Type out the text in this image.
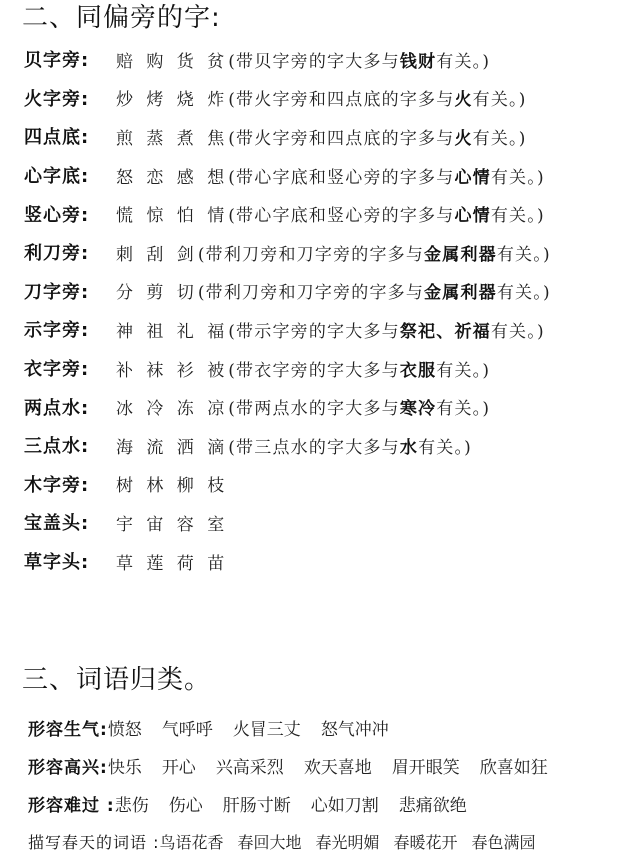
二、同偏旁的字:
贝字旁:	赔 购 货 贫 (带贝字旁的字大多与钱财有关。)
火字旁:	炒 烤 烧 炸 (带火字旁和四点底的字多与火有关。)
四点底:	煎 蒸 煮 焦 (带火字旁和四点底的字多与火有关。)
心字底:	怒 恋 感 想 (带心字底和竖心旁的字多与心情有关。)
竖心旁:	慌 惊 怕 情 (带心字底和竖心旁的字多与心情有关。)
利刀旁:	刺 刮 剑 (带利刀旁和刀字旁的字多与金属利器有关。)
刀字旁:	分 剪 切 (带利刀旁和刀字旁的字多与金属利器有关。)
示字旁:	神 祖 礼 福 (带示字旁的字大多与祭祀、祈福有关。)
衣字旁:	补 袜 衫 被 (带衣字旁的字大多与衣服有关。)
两点水:	冰 冷 冻 凉 (带两点水的字大多与寒冷有关。)
三点水:	海 流 洒 滴 (带三点水的字大多与水有关。)
木字旁:	树 林 柳 枝
宝盖头:	宇 宙 容 室
草字头:	草 莲 荷 苗
三、词语归类。
形容生气: 愤怒 气呼呼 火冒三丈 怒气冲冲
形容高兴: 快乐 开心 兴高采烈 欢天喜地 眉开眼笑 欣喜如狂
形容难过 : 悲伤 伤心 肝肠寸断 心如刀割 悲痛欲绝
描写春天的词语 : 鸟语花香 春回大地 春光明媚 春暖花开 春色满园
